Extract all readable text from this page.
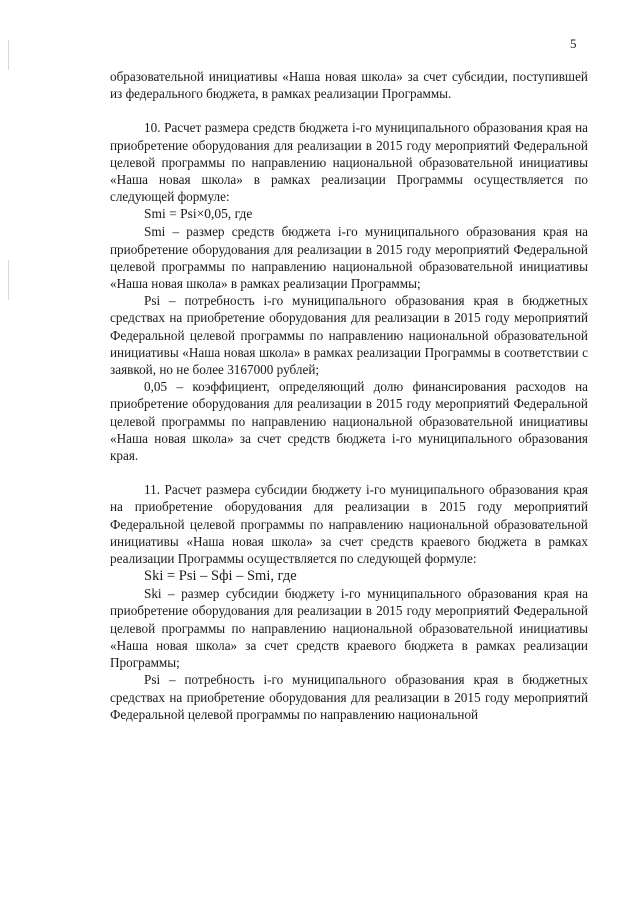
5

образовательной инициативы «Наша новая школа» за счет субсидии, поступившей из федерального бюджета, в рамках реализации Программы.

10. Расчет размера средств бюджета i-го муниципального образования края на приобретение оборудования для реализации в 2015 году мероприятий Федеральной целевой программы по направлению национальной образовательной инициативы «Наша новая школа» в рамках реализации Программы осуществляется по следующей формуле:

Smi = Psi×0,05, где

Smi – размер средств бюджета i-го муниципального образования края на приобретение оборудования для реализации в 2015 году мероприятий Федеральной целевой программы по направлению национальной образовательной инициативы «Наша новая школа» в рамках реализации Программы;

Psi – потребность i-го муниципального образования края в бюджетных средствах на приобретение оборудования для реализации в 2015 году мероприятий Федеральной целевой программы по направлению национальной образовательной инициативы «Наша новая школа» в рамках реализации Программы в соответствии с заявкой, но не более 3167000 рублей;

0,05 – коэффициент, определяющий долю финансирования расходов на приобретение оборудования для реализации в 2015 году мероприятий Федеральной целевой программы по направлению национальной образовательной инициативы «Наша новая школа» за счет средств бюджета i-го муниципального образования края.

11. Расчет размера субсидии бюджету i-го муниципального образования края на приобретение оборудования для реализации в 2015 году мероприятий Федеральной целевой программы по направлению национальной образовательной инициативы «Наша новая школа» за счет средств краевого бюджета в рамках реализации Программы осуществляется по следующей формуле:

Ski = Psi – Sфi – Smi, где

Ski – размер субсидии бюджету i-го муниципального образования края на приобретение оборудования для реализации в 2015 году мероприятий Федеральной целевой программы по направлению национальной образовательной инициативы «Наша новая школа» за счет средств краевого бюджета в рамках реализации Программы;

Psi – потребность i-го муниципального образования края в бюджетных средствах на приобретение оборудования для реализации в 2015 году мероприятий Федеральной целевой программы по направлению национальной
